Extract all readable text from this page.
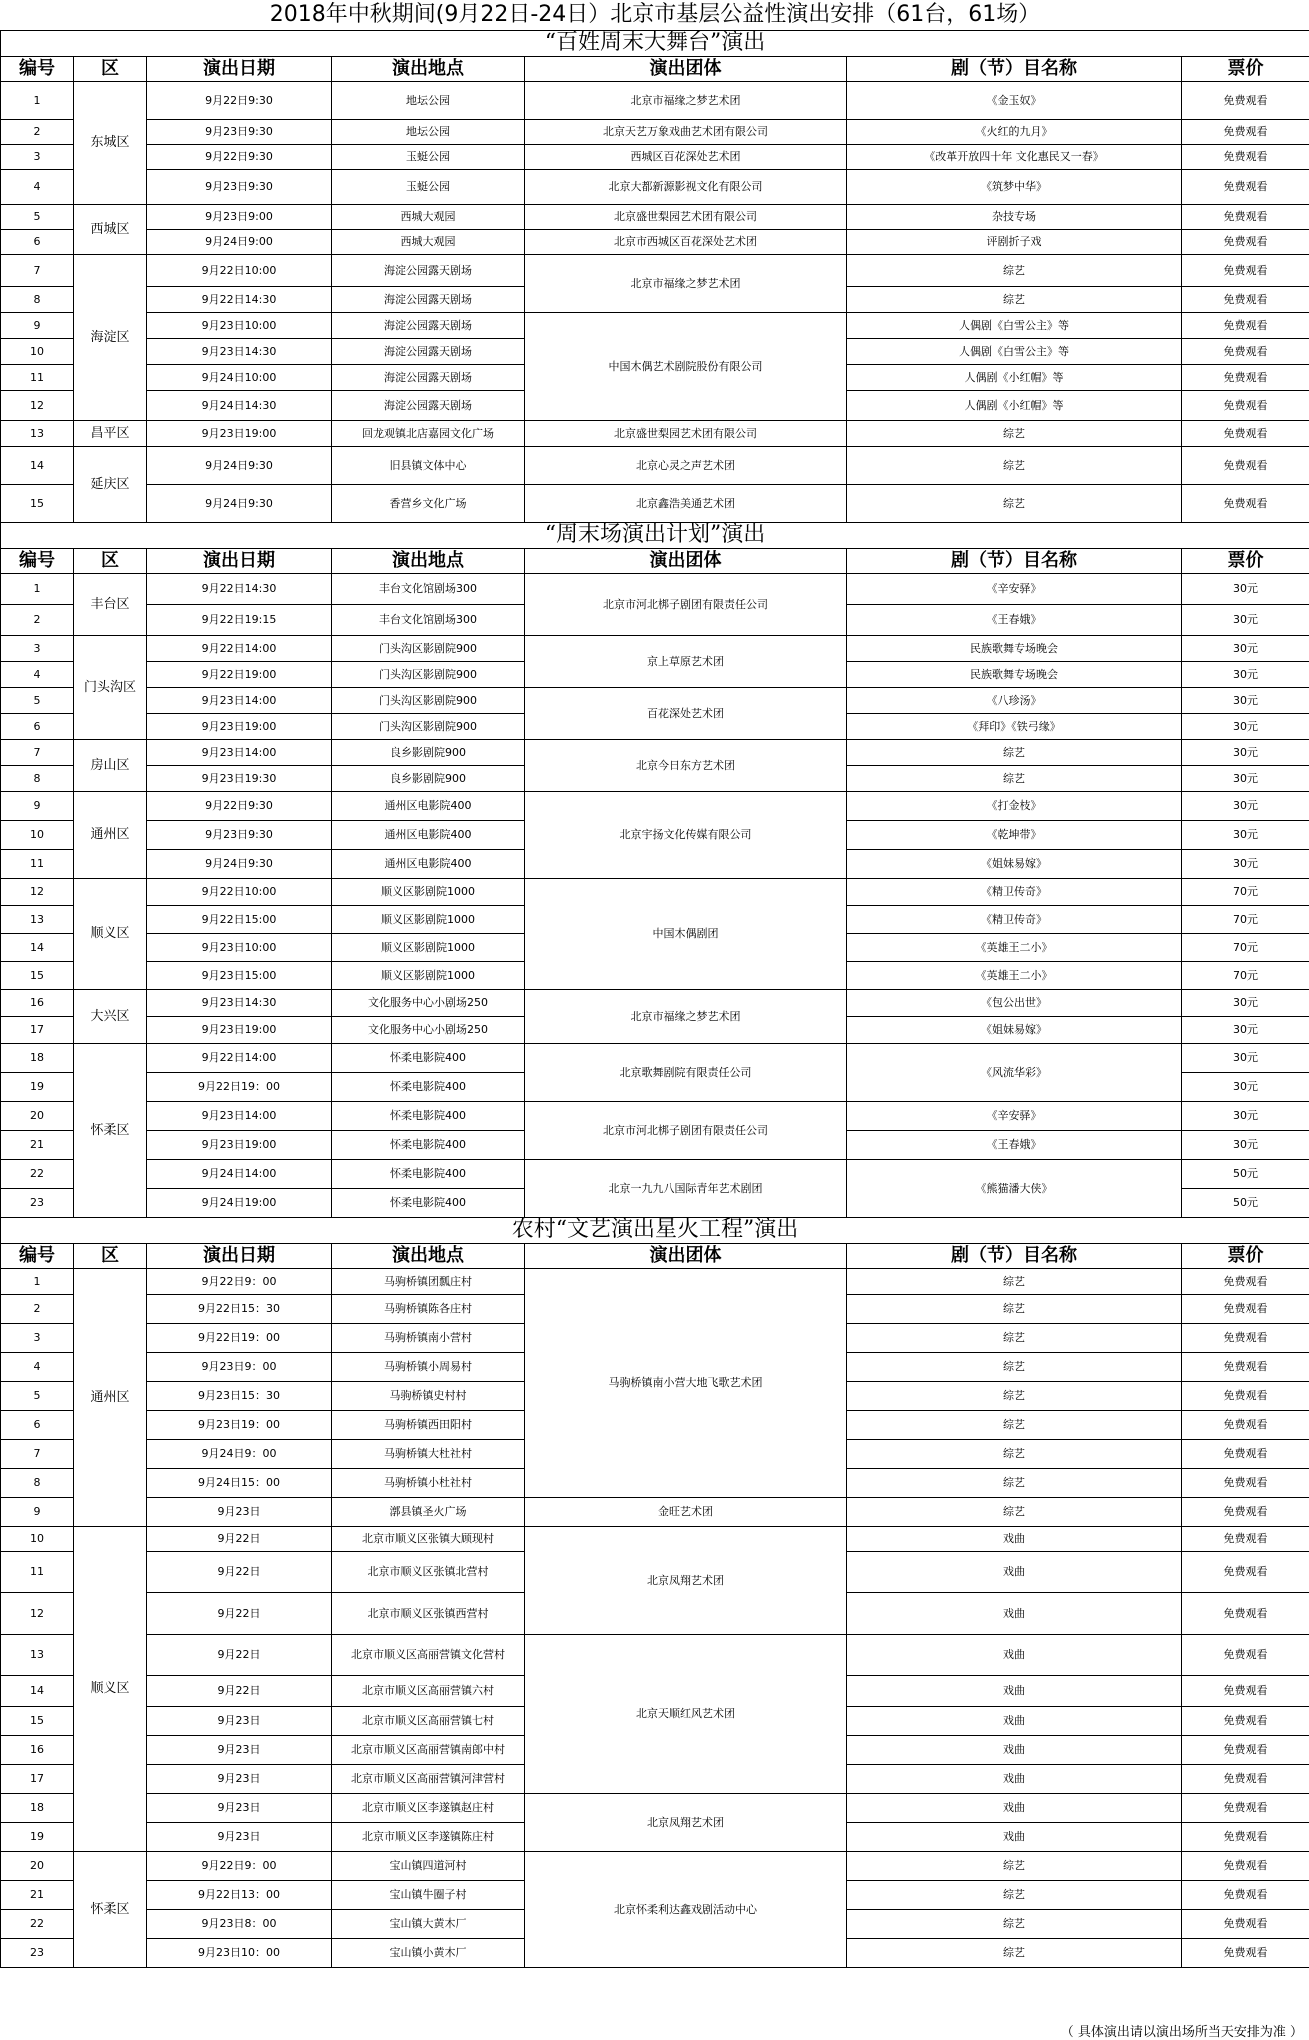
2018年中秋期间(9月22日-24日）北京市基层公益性演出安排（61台，61场）						
“百姓周末大舞台”演出						
编号	区	演出日期	演出地点	演出团体	剧（节）目名称	票价
1	东城区	9月22日9:30	地坛公园	北京市福缘之梦艺术团	《金玉奴》	免费观看
2		9月23日9:30	地坛公园	北京天艺万象戏曲艺术团有限公司	《火红的九月》	免费观看
3		9月22日9:30	玉蜓公园	西城区百花深处艺术团	《改革开放四十年 文化惠民又一春》	免费观看
4		9月23日9:30	玉蜓公园	北京大都新源影视文化有限公司	《筑梦中华》	免费观看
5	西城区	9月23日9:00	西城大观园	北京盛世梨园艺术团有限公司	杂技专场	免费观看
6		9月24日9:00	西城大观园	北京市西城区百花深处艺术团	评剧折子戏	免费观看
7	海淀区	9月22日10:00	海淀公园露天剧场	北京市福缘之梦艺术团	综艺	免费观看
8		9月22日14:30	海淀公园露天剧场		综艺	免费观看
9		9月23日10:00	海淀公园露天剧场	中国木偶艺术剧院股份有限公司	人偶剧《白雪公主》等	免费观看
10		9月23日14:30	海淀公园露天剧场		人偶剧《白雪公主》等	免费观看
11		9月24日10:00	海淀公园露天剧场		人偶剧《小红帽》等	免费观看
12		9月24日14:30	海淀公园露天剧场		人偶剧《小红帽》等	免费观看
13	昌平区	9月23日19:00	回龙观镇北店嘉园文化广场	北京盛世梨园艺术团有限公司	综艺	免费观看
14	延庆区	9月24日9:30	旧县镇文体中心	北京心灵之声艺术团	综艺	免费观看
15		9月24日9:30	香营乡文化广场	北京鑫浩美通艺术团	综艺	免费观看
“周末场演出计划”演出						
编号	区	演出日期	演出地点	演出团体	剧（节）目名称	票价
1	丰台区	9月22日14:30	丰台文化馆剧场300	北京市河北梆子剧团有限责任公司	《辛安驿》	30元
2		9月22日19:15	丰台文化馆剧场300		《王春娥》	30元
3	门头沟区	9月22日14:00	门头沟区影剧院900	京上草原艺术团	民族歌舞专场晚会	30元
4		9月22日19:00	门头沟区影剧院900		民族歌舞专场晚会	30元
5		9月23日14:00	门头沟区影剧院900	百花深处艺术团	《八珍汤》	30元
6		9月23日19:00	门头沟区影剧院900		《拜印》《铁弓缘》	30元
7	房山区	9月23日14:00	良乡影剧院900	北京今日东方艺术团	综艺	30元
8		9月23日19:30	良乡影剧院900		综艺	30元
9	通州区	9月22日9:30	通州区电影院400	北京宇扬文化传媒有限公司	《打金枝》	30元
10		9月23日9:30	通州区电影院400		《乾坤带》	30元
11		9月24日9:30	通州区电影院400		《姐妹易嫁》	30元
12	顺义区	9月22日10:00	顺义区影剧院1000	中国木偶剧团	《精卫传奇》	70元
13		9月22日15:00	顺义区影剧院1000		《精卫传奇》	70元
14		9月23日10:00	顺义区影剧院1000		《英雄王二小》	70元
15		9月23日15:00	顺义区影剧院1000		《英雄王二小》	70元
16	大兴区	9月23日14:30	文化服务中心小剧场250	北京市福缘之梦艺术团	《包公出世》	30元
17		9月23日19:00	文化服务中心小剧场250		《姐妹易嫁》	30元
18	怀柔区	9月22日14:00	怀柔电影院400	北京歌舞剧院有限责任公司	《风流华彩》	30元
19		9月22日19：00	怀柔电影院400			30元
20		9月23日14:00	怀柔电影院400	北京市河北梆子剧团有限责任公司	《辛安驿》	30元
21		9月23日19:00	怀柔电影院400		《王春娥》	30元
22		9月24日14:00	怀柔电影院400	北京一九九八国际青年艺术剧团	《熊猫潘大侠》	50元
23		9月24日19:00	怀柔电影院400			50元
农村“文艺演出星火工程”演出						
编号	区	演出日期	演出地点	演出团体	剧（节）目名称	票价
1	通州区	9月22日9：00	马驹桥镇团瓢庄村	马驹桥镇南小营大地飞歌艺术团	综艺	免费观看
2		9月22日15：30	马驹桥镇陈各庄村		综艺	免费观看
3		9月22日19：00	马驹桥镇南小营村		综艺	免费观看
4		9月23日9：00	马驹桥镇小周易村		综艺	免费观看
5		9月23日15：30	马驹桥镇史村村		综艺	免费观看
6		9月23日19：00	马驹桥镇西田阳村		综艺	免费观看
7		9月24日9：00	马驹桥镇大杜社村		综艺	免费观看
8		9月24日15：00	马驹桥镇小杜社村		综艺	免费观看
9		9月23日	漷县镇圣火广场	金旺艺术团	综艺	免费观看
10	顺义区	9月22日	北京市顺义区张镇大顾现村	北京凤翔艺术团	戏曲	免费观看
11		9月22日	北京市顺义区张镇北营村		戏曲	免费观看
12		9月22日	北京市顺义区张镇西营村		戏曲	免费观看
13		9月22日	北京市顺义区高丽营镇文化营村	北京天顺红风艺术团	戏曲	免费观看
14		9月22日	北京市顺义区高丽营镇六村		戏曲	免费观看
15		9月23日	北京市顺义区高丽营镇七村		戏曲	免费观看
16		9月23日	北京市顺义区高丽营镇南郎中村		戏曲	免费观看
17		9月23日	北京市顺义区高丽营镇河津营村		戏曲	免费观看
18		9月23日	北京市顺义区李遂镇赵庄村	北京凤翔艺术团	戏曲	免费观看
19		9月23日	北京市顺义区李遂镇陈庄村		戏曲	免费观看
20	怀柔区	9月22日9：00	宝山镇四道河村	北京怀柔利达鑫戏剧活动中心	综艺	免费观看
21		9月22日13：00	宝山镇牛圈子村		综艺	免费观看
22		9月23日8：00	宝山镇大黄木厂		综艺	免费观看
23		9月23日10：00	宝山镇小黄木厂		综艺	免费观看

（ 具体演出请以演出场所当天安排为准 ）
